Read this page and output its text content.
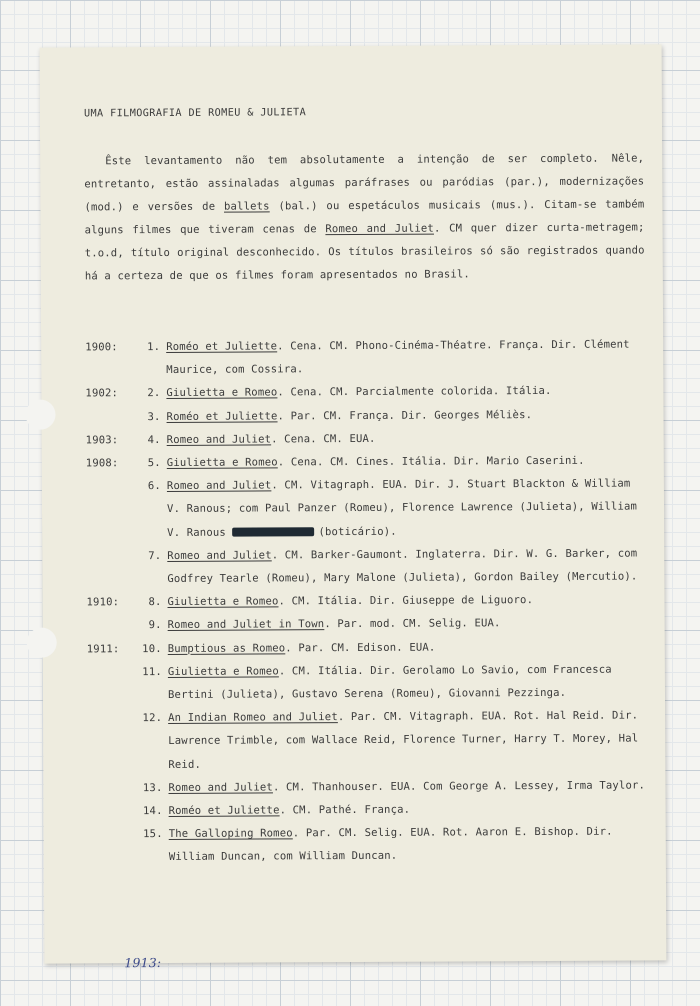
UMA FILMOGRAFIA DE ROMEU & JULIETA
Êste levantamento não tem absolutamente a intenção de ser completo. Nêle, entretanto, estão assinaladas algumas paráfrases ou paródias (par.), modernizações (mod.) e versões de ballets (bal.) ou espetáculos musicais (mus.). Citam-se também alguns filmes que tiveram cenas de Romeo and Juliet. CM quer dizer curta-metragem; t.o.d, título original desconhecido. Os títulos brasileiros só são registrados quando há a certeza de que os filmes foram apresentados no Brasil.
1900:	1. Roméo et Juliette. Cena. CM. Phono-Cinéma-Théatre. França. Dir. Clément Maurice, com Cossira.
1902:	2. Giulietta e Romeo. Cena. CM. Parcialmente colorida. Itália.
3. Roméo et Juliette. Par. CM. França. Dir. Georges Méliès.
1903:	4. Romeo and Juliet. Cena. CM. EUA.
1908:	5. Giulietta e Romeo. Cena. CM. Cines. Itália. Dir. Mario Caserini.
6. Romeo and Juliet. CM. Vitagraph. EUA. Dir. J. Stuart Blackton & William V. Ranous; com Paul Panzer (Romeu), Florence Lawrence (Julieta), William V. Ranous	(boticário).
7. Romeo and Juliet. CM. Barker-Gaumont. Inglaterra. Dir. W. G. Barker, com Godfrey Tearle (Romeu), Mary Malone (Julieta), Gordon Bailey (Mercutio).
1910:	8. Giulietta e Romeo. CM. Itália. Dir. Giuseppe de Liguoro.
9. Romeo and Juliet in Town. Par. mod. CM. Selig. EUA.
1911:	10. Bumptious as Romeo. Par. CM. Edison. EUA.
11. Giulietta e Romeo. CM. Itália. Dir. Gerolamo Lo Savio, com Francesca Bertini (Julieta), Gustavo Serena (Romeu), Giovanni Pezzinga.
12. An Indian Romeo and Juliet. Par. CM. Vitagraph. EUA. Rot. Hal Reid. Dir. Lawrence Trimble, com Wallace Reid, Florence Turner, Harry T. Morey, Hal Reid.
13. Romeo and Juliet. CM. Thanhouser. EUA. Com George A. Lessey, Irma Taylor.
14. Roméo et Juliette. CM. Pathé. França.
15. The Galloping Romeo. Par. CM. Selig. EUA. Rot. Aaron E. Bishop. Dir. William Duncan, com William Duncan.
1913:
